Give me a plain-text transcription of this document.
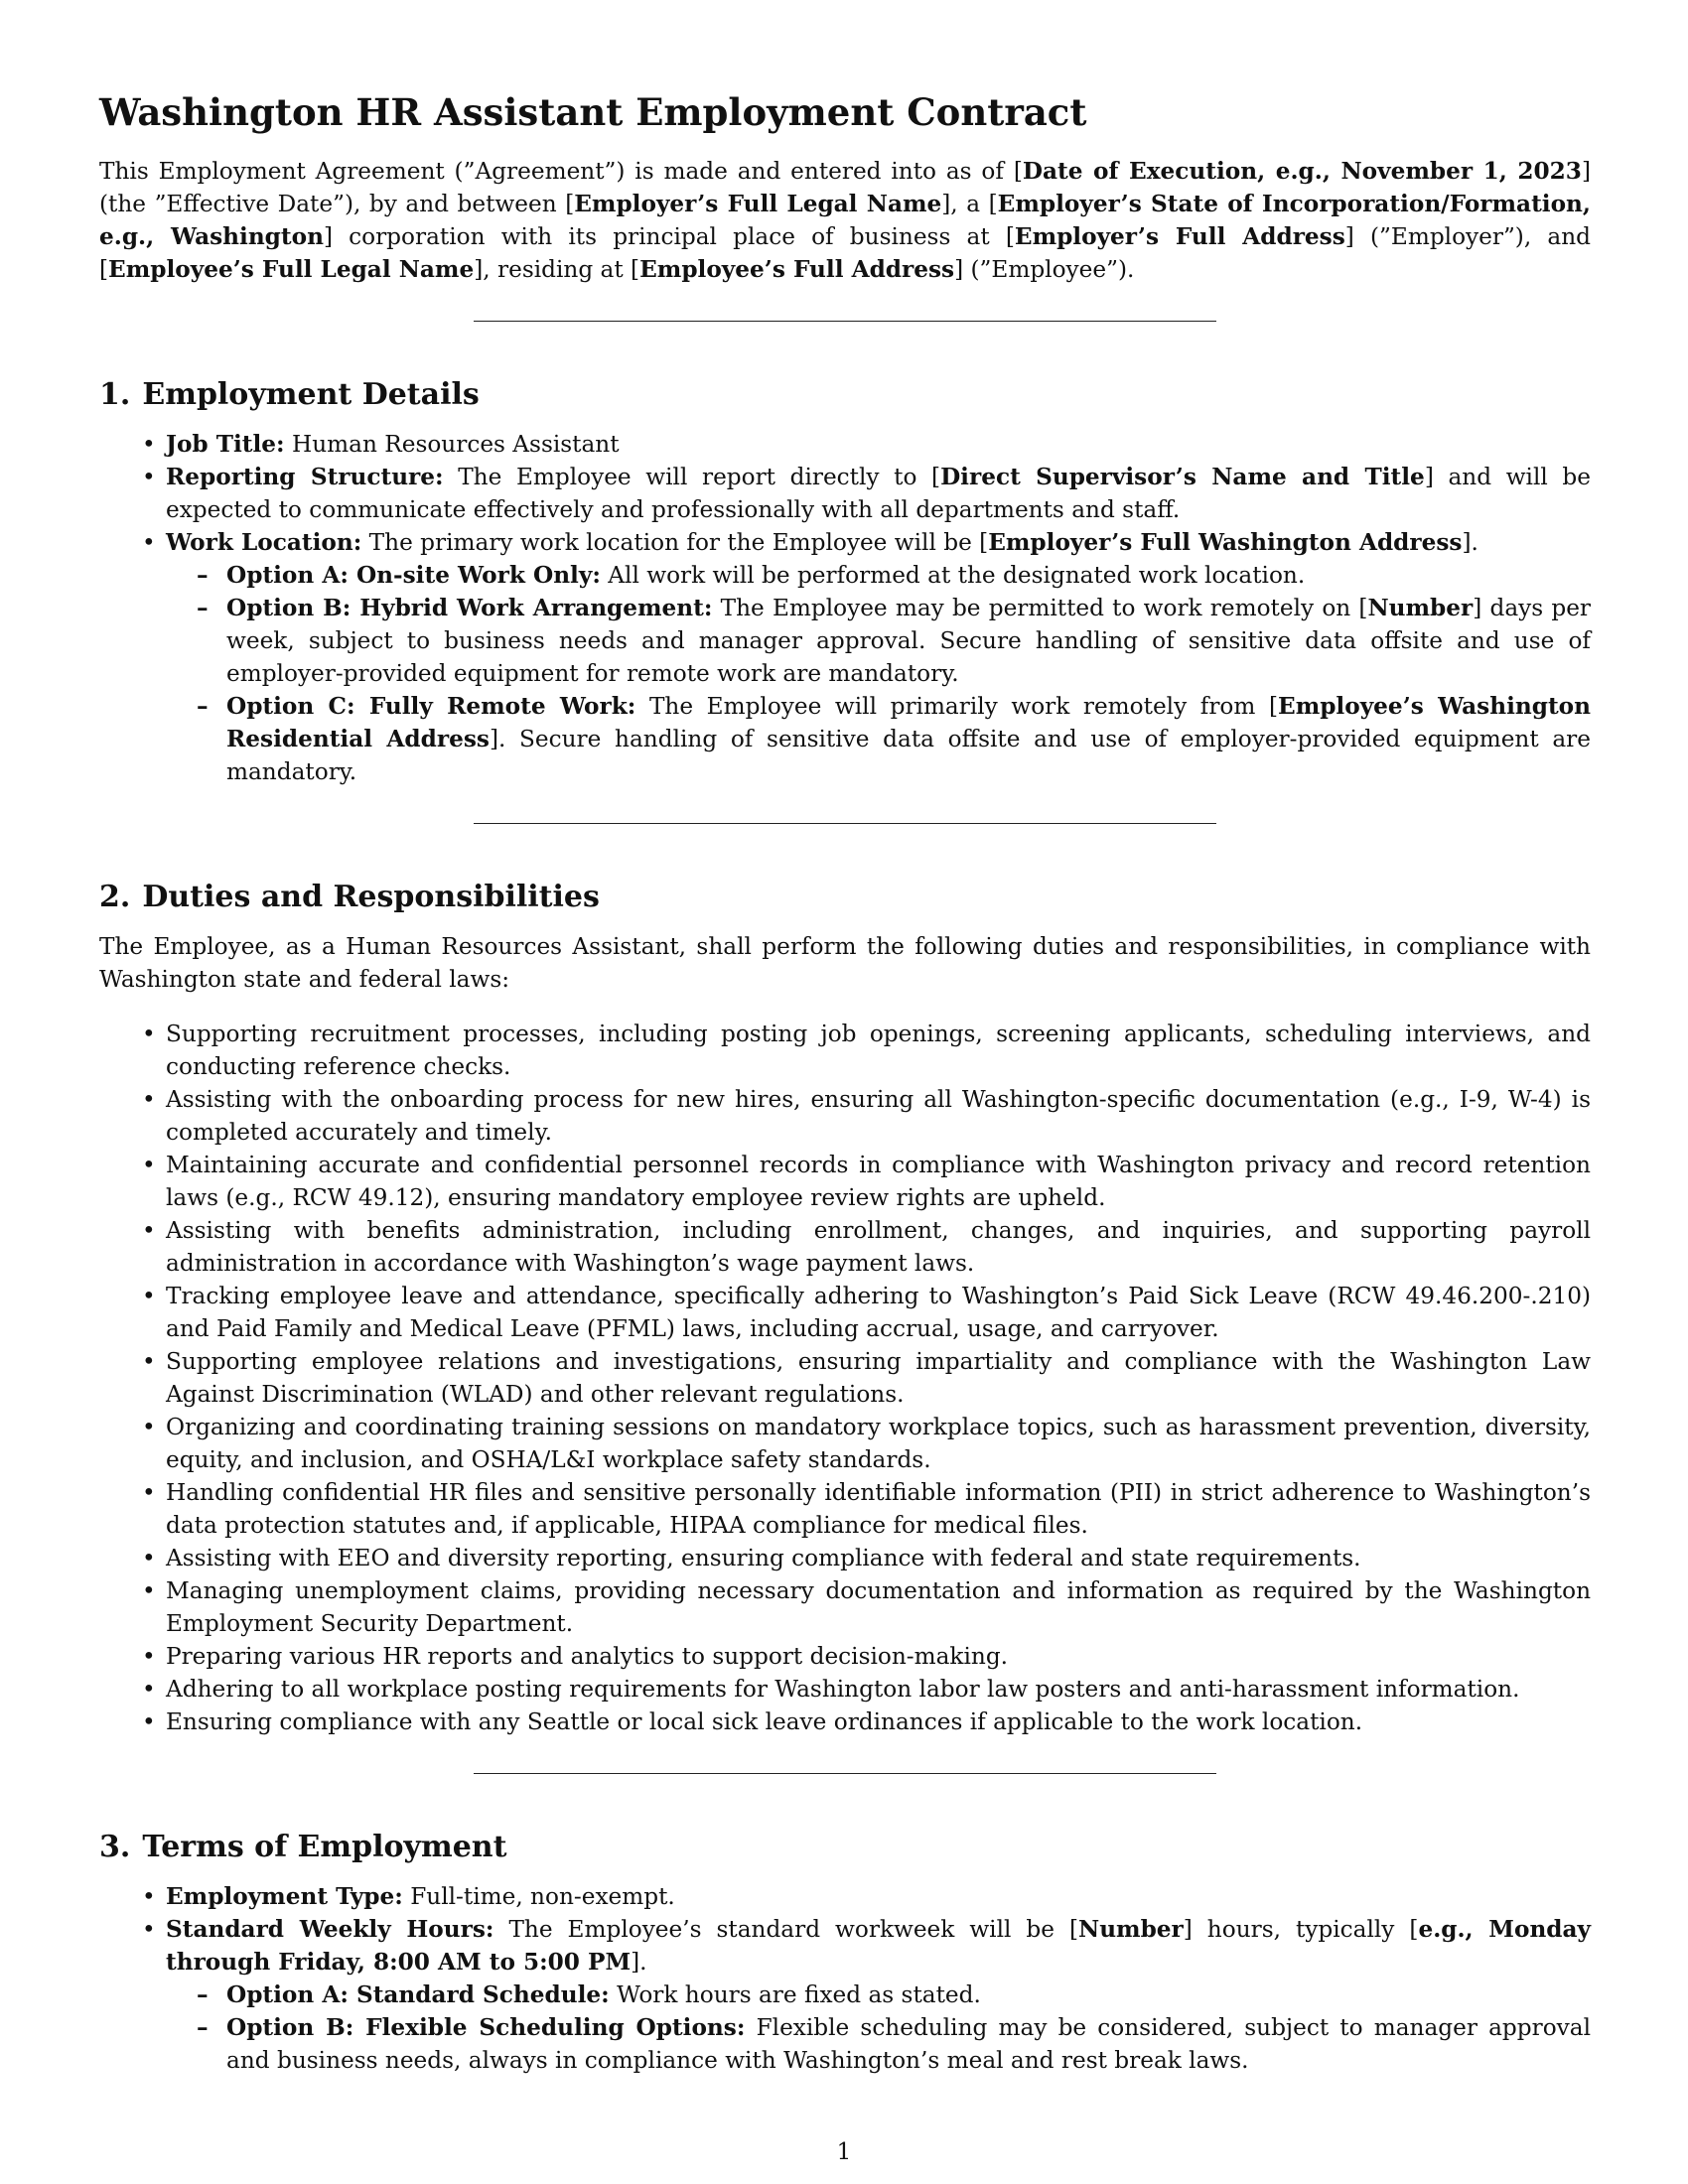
Washington HR Assistant Employment Contract

This Employment Agreement (”Agreement”) is made and entered into as of [Date of Execution, e.g., November 1, 2023] (the ”Effective Date”), by and between [Employer’s Full Legal Name], a [Employer’s State of Incorporation/Formation, e.g., Washington] corporation with its principal place of business at [Employer’s Full Address] (”Employer”), and [Employee’s Full Legal Name], residing at [Employee’s Full Address] (”Employee”).

1. Employment Details
• Job Title: Human Resources Assistant
• Reporting Structure: The Employee will report directly to [Direct Supervisor’s Name and Title] and will be expected to communicate effectively and professionally with all departments and staff.
• Work Location: The primary work location for the Employee will be [Employer’s Full Washington Address].
– Option A: On-site Work Only: All work will be performed at the designated work location.
– Option B: Hybrid Work Arrangement: The Employee may be permitted to work remotely on [Number] days per week, subject to business needs and manager approval. Secure handling of sensitive data offsite and use of employer-provided equipment for remote work are mandatory.
– Option C: Fully Remote Work: The Employee will primarily work remotely from [Employee’s Washington Residential Address]. Secure handling of sensitive data offsite and use of employer-provided equipment are mandatory.
2. Duties and Responsibilities

The Employee, as a Human Resources Assistant, shall perform the following duties and responsibilities, in compliance with Washington state and federal laws:

• Supporting recruitment processes, including posting job openings, screening applicants, scheduling interviews, and conducting reference checks.
• Assisting with the onboarding process for new hires, ensuring all Washington-specific documentation (e.g., I-9, W-4) is completed accurately and timely.
• Maintaining accurate and confidential personnel records in compliance with Washington privacy and record retention laws (e.g., RCW 49.12), ensuring mandatory employee review rights are upheld.
• Assisting with benefits administration, including enrollment, changes, and inquiries, and supporting payroll administration in accordance with Washington’s wage payment laws.
• Tracking employee leave and attendance, specifically adhering to Washington’s Paid Sick Leave (RCW 49.46.200-.210) and Paid Family and Medical Leave (PFML) laws, including accrual, usage, and carryover.
• Supporting employee relations and investigations, ensuring impartiality and compliance with the Washington Law Against Discrimination (WLAD) and other relevant regulations.
• Organizing and coordinating training sessions on mandatory workplace topics, such as harassment prevention, diversity, equity, and inclusion, and OSHA/L&I workplace safety standards.
• Handling confidential HR files and sensitive personally identifiable information (PII) in strict adherence to Washington’s data protection statutes and, if applicable, HIPAA compliance for medical files.
• Assisting with EEO and diversity reporting, ensuring compliance with federal and state requirements.
• Managing unemployment claims, providing necessary documentation and information as required by the Washington Employment Security Department.
• Preparing various HR reports and analytics to support decision-making.
• Adhering to all workplace posting requirements for Washington labor law posters and anti-harassment information.
• Ensuring compliance with any Seattle or local sick leave ordinances if applicable to the work location.
3. Terms of Employment
• Employment Type: Full-time, non-exempt.
• Standard Weekly Hours: The Employee’s standard workweek will be [Number] hours, typically [e.g., Monday through Friday, 8:00 AM to 5:00 PM].
– Option A: Standard Schedule: Work hours are fixed as stated.
– Option B: Flexible Scheduling Options: Flexible scheduling may be considered, subject to manager approval and business needs, always in compliance with Washington’s meal and rest break laws.
1
